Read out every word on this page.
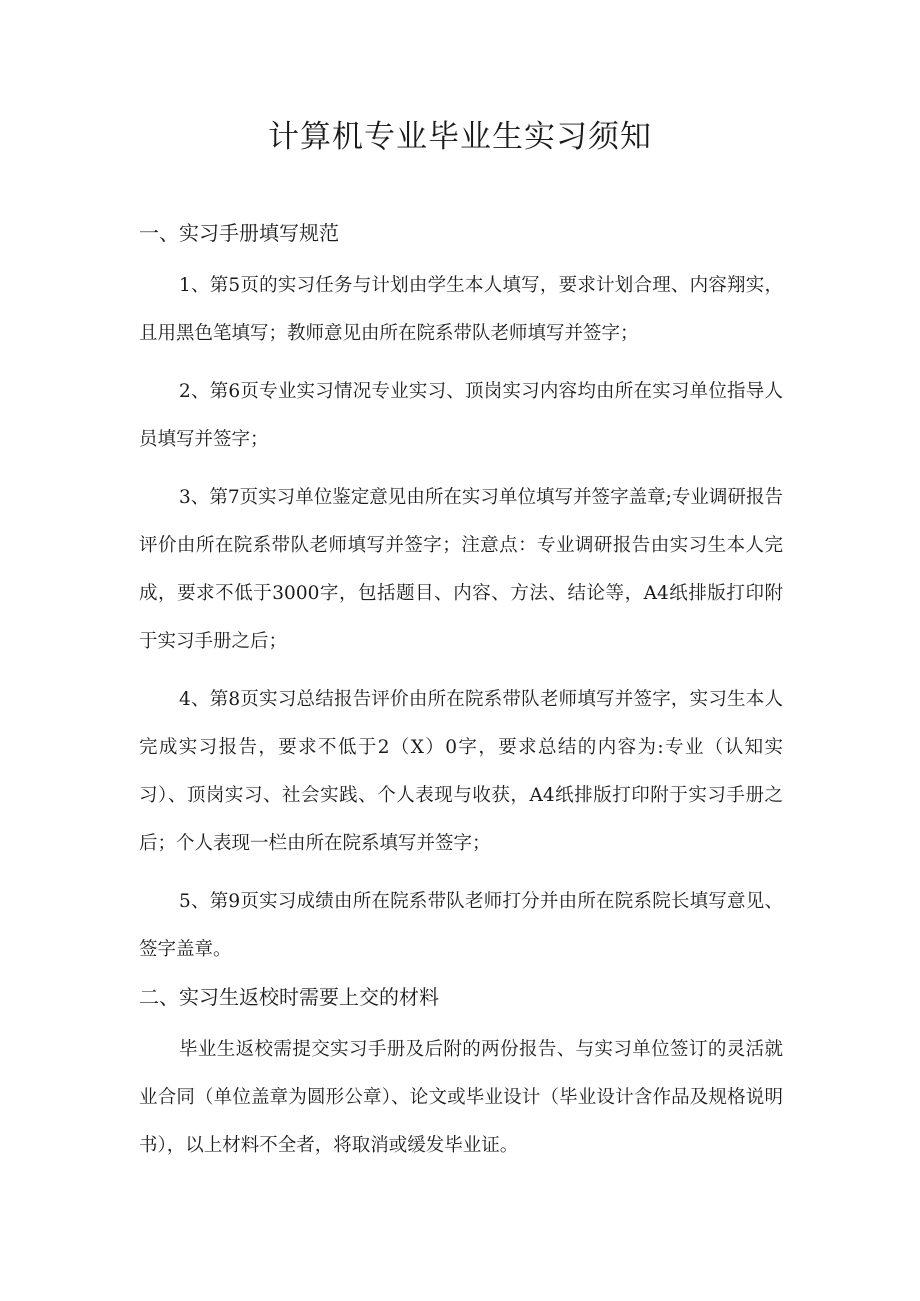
计算机专业毕业生实习须知
一、实习手册填写规范

1、第5页的实习任务与计划由学生本人填写，要求计划合理、内容翔实，且用黑色笔填写；教师意见由所在院系带队老师填写并签字；

2、第6页专业实习情况专业实习、顶岗实习内容均由所在实习单位指导人员填写并签字；

3、第7页实习单位鉴定意见由所在实习单位填写并签字盖章;专业调研报告评价由所在院系带队老师填写并签字；注意点：专业调研报告由实习生本人完成，要求不低于3000字，包括题目、内容、方法、结论等，A4纸排版打印附于实习手册之后；

4、第8页实习总结报告评价由所在院系带队老师填写并签字，实习生本人完成实习报告，要求不低于2（X）0字，要求总结的内容为:专业（认知实习）、顶岗实习、社会实践、个人表现与收获，A4纸排版打印附于实习手册之后；个人表现一栏由所在院系填写并签字；

5、第9页实习成绩由所在院系带队老师打分并由所在院系院长填写意见、签字盖章。

二、实习生返校时需要上交的材料

毕业生返校需提交实习手册及后附的两份报告、与实习单位签订的灵活就业合同（单位盖章为圆形公章）、论文或毕业设计（毕业设计含作品及规格说明书），以上材料不全者，将取消或缓发毕业证。
